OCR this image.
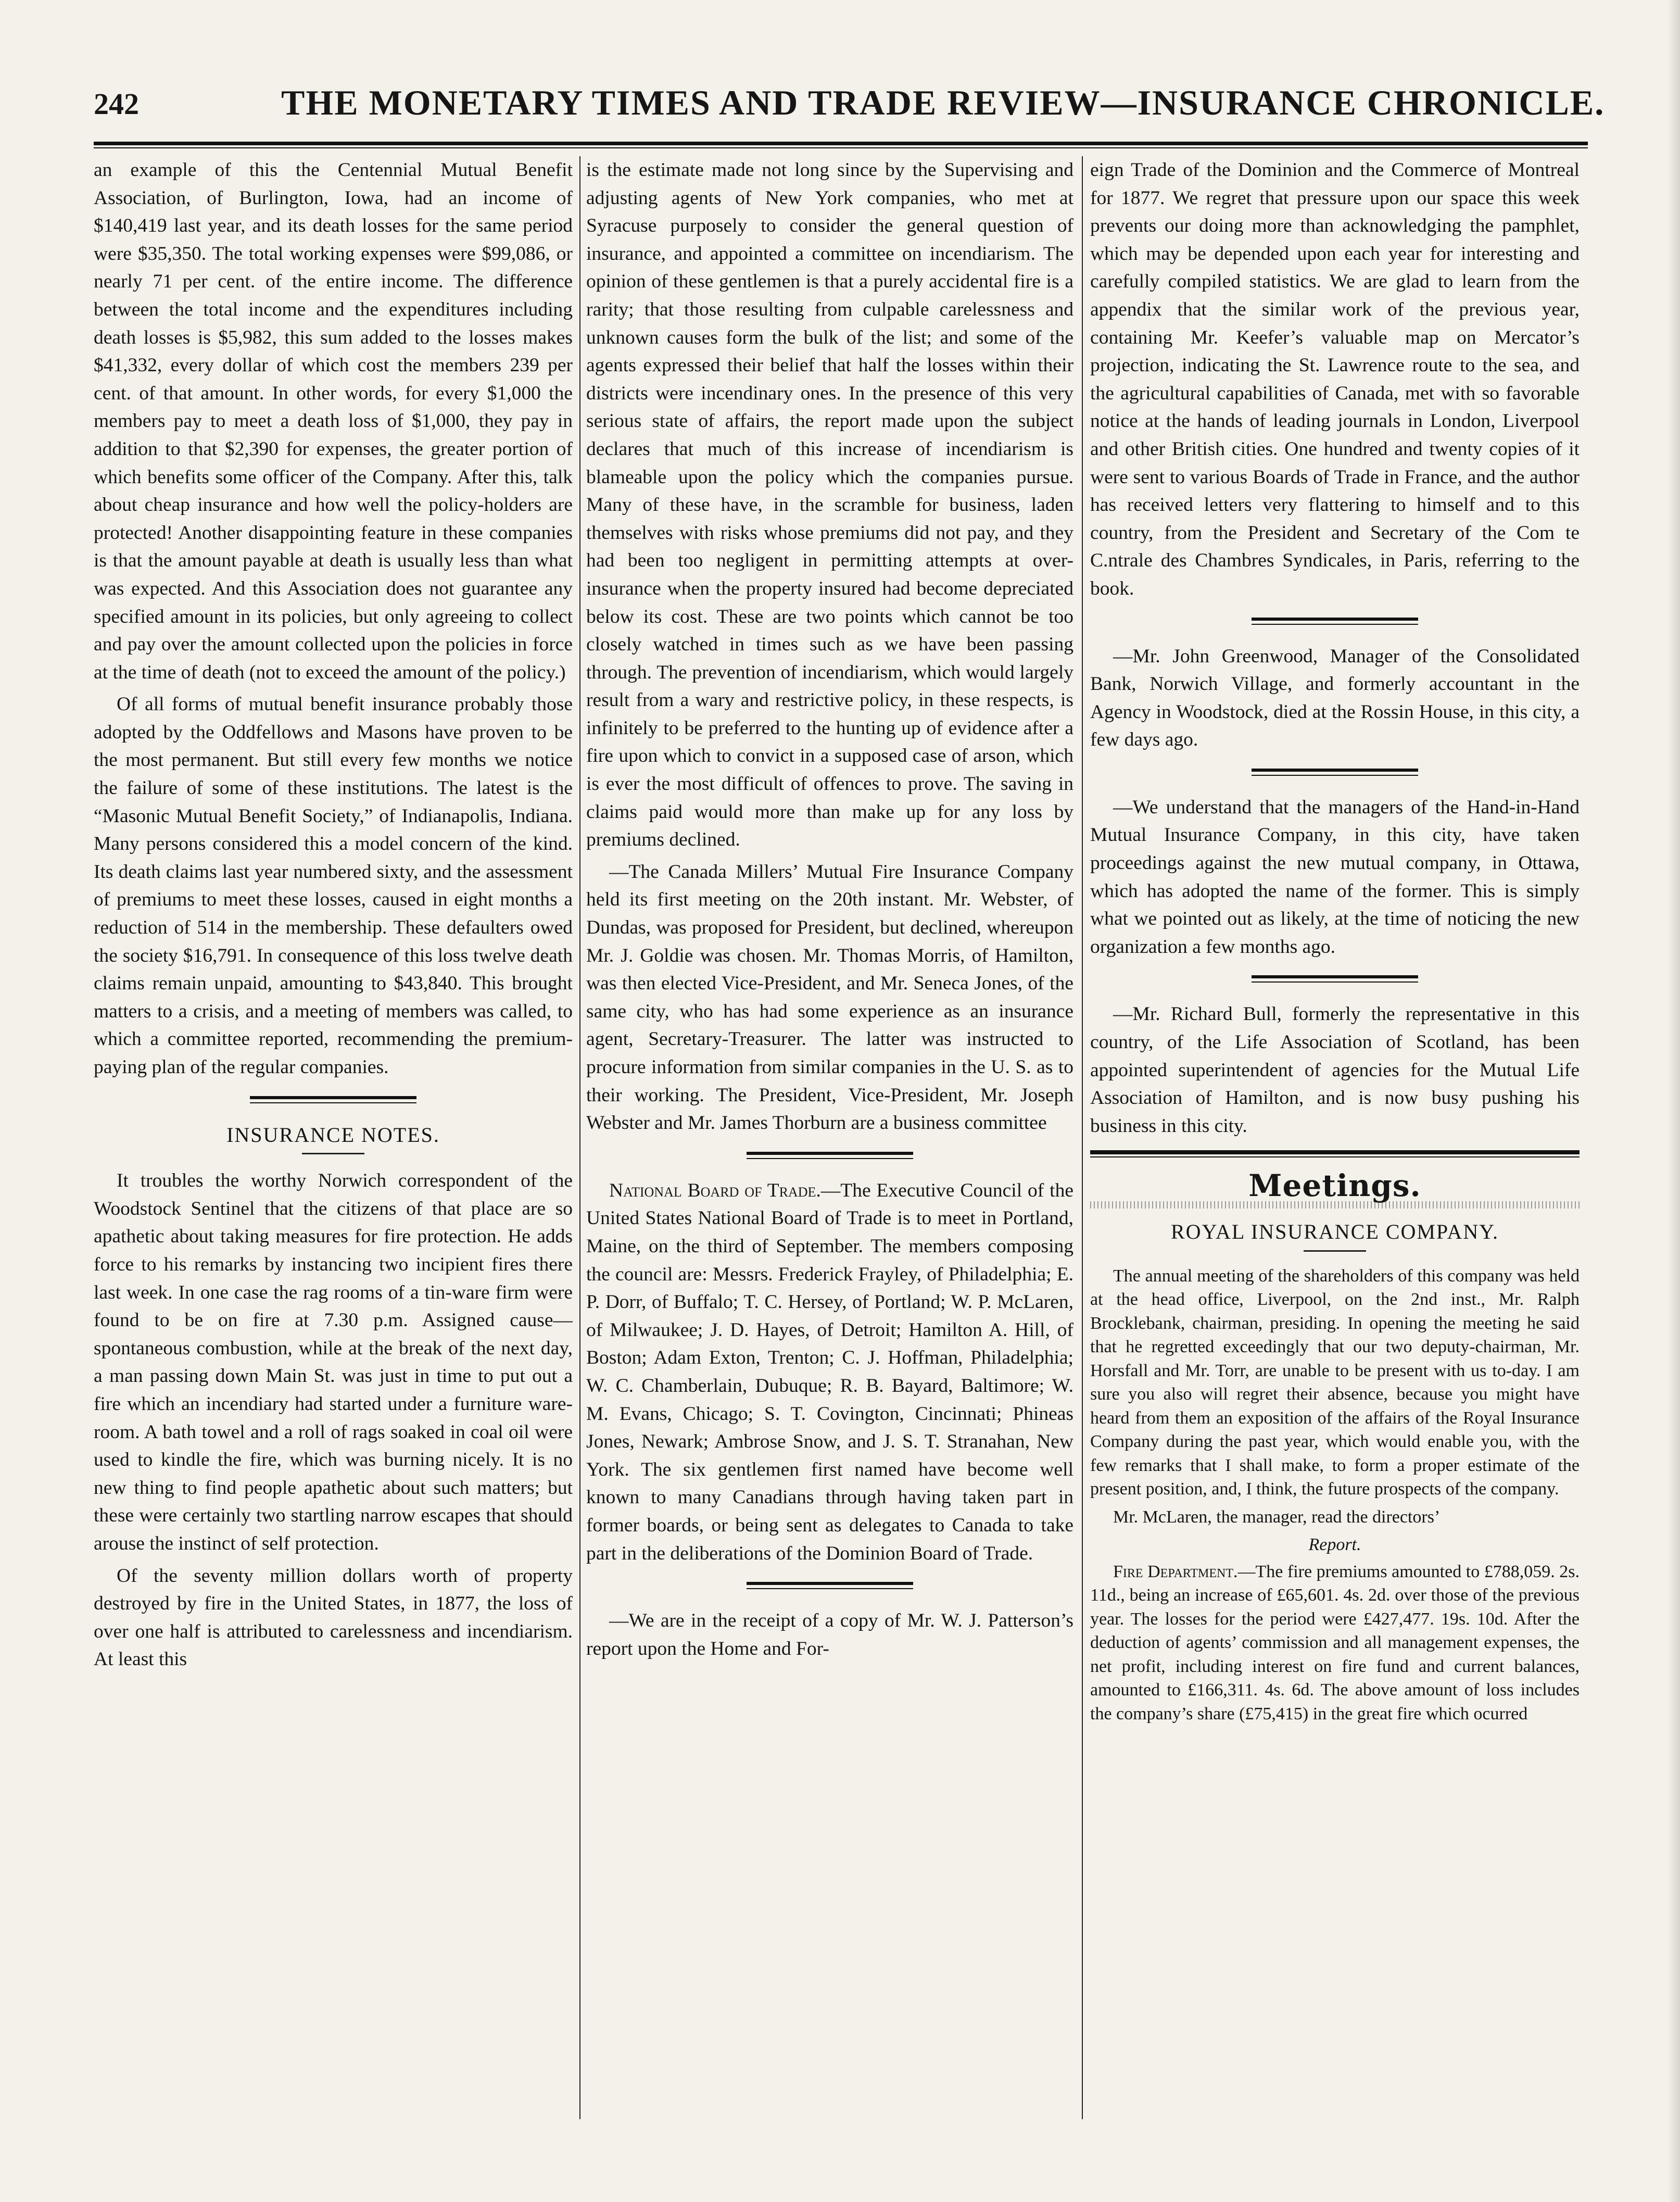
242	THE MONETARY TIMES AND TRADE REVIEW—INSURANCE CHRONICLE.

an example of this the Centennial Mutual Benefit Association, of Burlington, Iowa, had an income of $140,419 last year, and its death losses for the same period were $35,350. The total working expenses were $99,086, or nearly 71 per cent. of the entire income. The difference between the total income and the expenditures including death losses is $5,982, this sum added to the losses makes $41,332, every dollar of which cost the members 239 per cent. of that amount. In other words, for every $1,000 the members pay to meet a death loss of $1,000, they pay in addition to that $2,390 for expenses, the greater portion of which benefits some officer of the Company. After this, talk about cheap insurance and how well the policy-holders are protected! Another disappointing feature in these companies is that the amount payable at death is usually less than what was expected. And this Association does not guarantee any specified amount in its policies, but only agreeing to collect and pay over the amount collected upon the policies in force at the time of death (not to exceed the amount of the policy.)

Of all forms of mutual benefit insurance probably those adopted by the Oddfellows and Masons have proven to be the most permanent. But still every few months we notice the failure of some of these institutions. The latest is the “Masonic Mutual Benefit Society,” of Indianapolis, Indiana. Many persons considered this a model concern of the kind. Its death claims last year numbered sixty, and the assessment of premiums to meet these losses, caused in eight months a reduction of 514 in the membership. These defaulters owed the society $16,791. In consequence of this loss twelve death claims remain unpaid, amounting to $43,840. This brought matters to a crisis, and a meeting of members was called, to which a committee reported, recommending the premium-paying plan of the regular companies.

INSURANCE NOTES.

It troubles the worthy Norwich correspondent of the Woodstock Sentinel that the citizens of that place are so apathetic about taking measures for fire protection. He adds force to his remarks by instancing two incipient fires there last week. In one case the rag rooms of a tin-ware firm were found to be on fire at 7.30 p.m. Assigned cause—spontaneous combustion, while at the break of the next day, a man passing down Main St. was just in time to put out a fire which an incendiary had started under a furniture ware-room. A bath towel and a roll of rags soaked in coal oil were used to kindle the fire, which was burning nicely. It is no new thing to find people apathetic about such matters; but these were certainly two startling narrow escapes that should arouse the instinct of self protection.

Of the seventy million dollars worth of property destroyed by fire in the United States, in 1877, the loss of over one half is attributed to carelessness and incendiarism. At least this

is the estimate made not long since by the Supervising and adjusting agents of New York companies, who met at Syracuse purposely to consider the general question of insurance, and appointed a committee on incendiarism. The opinion of these gentlemen is that a purely accidental fire is a rarity; that those resulting from culpable carelessness and unknown causes form the bulk of the list; and some of the agents expressed their belief that half the losses within their districts were incendinary ones. In the presence of this very serious state of affairs, the report made upon the subject declares that much of this increase of incendiarism is blameable upon the policy which the companies pursue. Many of these have, in the scramble for business, laden themselves with risks whose premiums did not pay, and they had been too negligent in permitting attempts at over-insurance when the property insured had become depreciated below its cost. These are two points which cannot be too closely watched in times such as we have been passing through. The prevention of incendiarism, which would largely result from a wary and restrictive policy, in these respects, is infinitely to be preferred to the hunting up of evidence after a fire upon which to convict in a supposed case of arson, which is ever the most difficult of offences to prove. The saving in claims paid would more than make up for any loss by premiums declined.

—The Canada Millers’ Mutual Fire Insurance Company held its first meeting on the 20th instant. Mr. Webster, of Dundas, was proposed for President, but declined, whereupon Mr. J. Goldie was chosen. Mr. Thomas Morris, of Hamilton, was then elected Vice-President, and Mr. Seneca Jones, of the same city, who has had some experience as an insurance agent, Secretary-Treasurer. The latter was instructed to procure information from similar companies in the U. S. as to their working. The President, Vice-President, Mr. Joseph Webster and Mr. James Thorburn are a business committee

National Board of Trade.—The Executive Council of the United States National Board of Trade is to meet in Portland, Maine, on the third of September. The members composing the council are: Messrs. Frederick Frayley, of Philadelphia; E. P. Dorr, of Buffalo; T. C. Hersey, of Portland; W. P. McLaren, of Milwaukee; J. D. Hayes, of Detroit; Hamilton A. Hill, of Boston; Adam Exton, Trenton; C. J. Hoffman, Philadelphia; W. C. Chamberlain, Dubuque; R. B. Bayard, Baltimore; W. M. Evans, Chicago; S. T. Covington, Cincinnati; Phineas Jones, Newark; Ambrose Snow, and J. S. T. Stranahan, New York. The six gentlemen first named have become well known to many Canadians through having taken part in former boards, or being sent as delegates to Canada to take part in the deliberations of the Dominion Board of Trade.

—We are in the receipt of a copy of Mr. W. J. Patterson’s report upon the Home and For-

eign Trade of the Dominion and the Commerce of Montreal for 1877. We regret that pressure upon our space this week prevents our doing more than acknowledging the pamphlet, which may be depended upon each year for interesting and carefully compiled statistics. We are glad to learn from the appendix that the similar work of the previous year, containing Mr. Keefer’s valuable map on Mercator’s projection, indicating the St. Lawrence route to the sea, and the agricultural capabilities of Canada, met with so favorable notice at the hands of leading journals in London, Liverpool and other British cities. One hundred and twenty copies of it were sent to various Boards of Trade in France, and the author has received letters very flattering to himself and to this country, from the President and Secretary of the Com te C.ntrale des Chambres Syndicales, in Paris, referring to the book.

—Mr. John Greenwood, Manager of the Consolidated Bank, Norwich Village, and formerly accountant in the Agency in Woodstock, died at the Rossin House, in this city, a few days ago.

—We understand that the managers of the Hand-in-Hand Mutual Insurance Company, in this city, have taken proceedings against the new mutual company, in Ottawa, which has adopted the name of the former. This is simply what we pointed out as likely, at the time of noticing the new organization a few months ago.

—Mr. Richard Bull, formerly the representative in this country, of the Life Association of Scotland, has been appointed superintendent of agencies for the Mutual Life Association of Hamilton, and is now busy pushing his business in this city.

Meetings.
ROYAL INSURANCE COMPANY.

The annual meeting of the shareholders of this company was held at the head office, Liverpool, on the 2nd inst., Mr. Ralph Brocklebank, chairman, presiding. In opening the meeting he said that he regretted exceedingly that our two deputy-chairman, Mr. Horsfall and Mr. Torr, are unable to be present with us to-day. I am sure you also will regret their absence, because you might have heard from them an exposition of the affairs of the Royal Insurance Company during the past year, which would enable you, with the few remarks that I shall make, to form a proper estimate of the present position, and, I think, the future prospects of the company.

Mr. McLaren, the manager, read the directors’

Report.

Fire Department.—The fire premiums amounted to £788,059. 2s. 11d., being an increase of £65,601. 4s. 2d. over those of the previous year. The losses for the period were £427,477. 19s. 10d. After the deduction of agents’ commission and all management expenses, the net profit, including interest on fire fund and current balances, amounted to £166,311. 4s. 6d. The above amount of loss includes the company’s share (£75,415) in the great fire which ocurred
